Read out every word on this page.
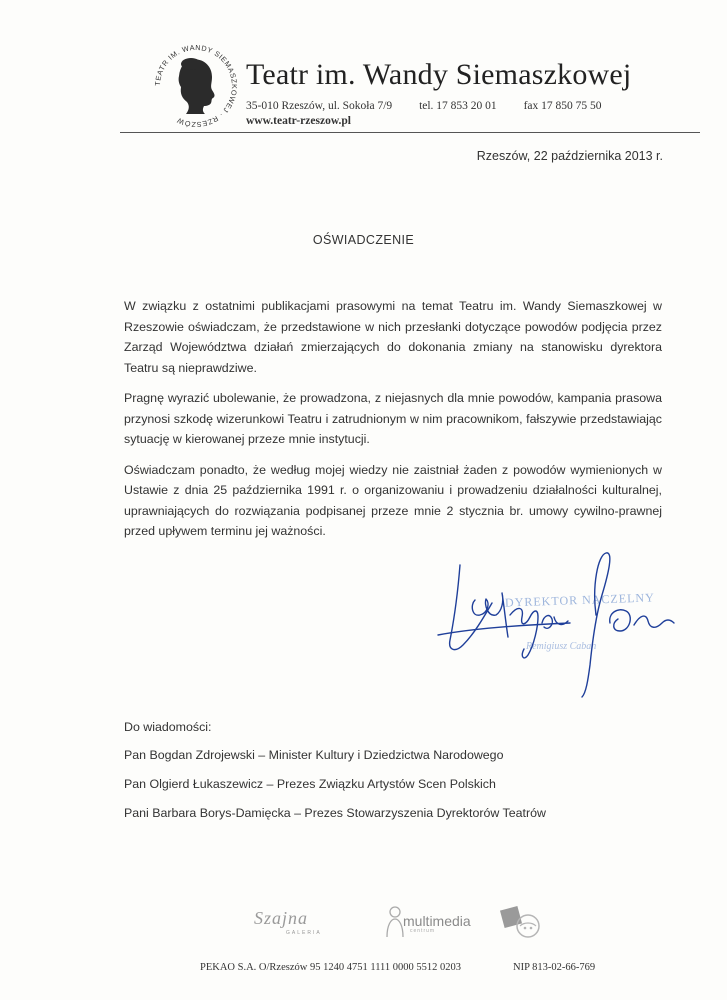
TEATR IM. WANDY SIEMASZKOWEJ · RZESZÓW
Teatr im. Wandy Siemaszkowej
35-010 Rzeszów, ul. Sokoła 7/9 tel. 17 853 20 01 fax 17 850 75 50
www.teatr-rzeszow.pl
Rzeszów, 22 października 2013 r.
OŚWIADCZENIE

W związku z ostatnimi publikacjami prasowymi na temat Teatru im. Wandy Siemaszkowej w Rzeszowie oświadczam, że przedstawione w nich przesłanki dotyczące powodów podjęcia przez Zarząd Województwa działań zmierzających do dokonania zmiany na stanowisku dyrektora Teatru są nieprawdziwe.

Pragnę wyrazić ubolewanie, że prowadzona, z niejasnych dla mnie powodów, kampania prasowa przynosi szkodę wizerunkowi Teatru i zatrudnionym w nim pracownikom, fałszywie przedstawiając sytuację w kierowanej przeze mnie instytucji.

Oświadczam ponadto, że według mojej wiedzy nie zaistniał żaden z powodów wymienionych w Ustawie z dnia 25 października 1991 r. o organizowaniu i prowadzeniu działalności kulturalnej, uprawniających do rozwiązania podpisanej przeze mnie 2 stycznia br. umowy cywilno-prawnej przed upływem terminu jej ważności.

DYREKTOR NACZELNY
Remigiusz Caban
Do wiadomości:
Pan Bogdan Zdrojewski – Minister Kultury i Dziedzictwa Narodowego
Pan Olgierd Łukaszewicz – Prezes Związku Artystów Scen Polskich
Pani Barbara Borys-Damięcka – Prezes Stowarzyszenia Dyrektorów Teatrów
Szajna
GALERIA
multimedia
centrum
PEKAO S.A. O/Rzeszów 95 1240 4751 1111 0000 5512 0203	NIP 813-02-66-769
